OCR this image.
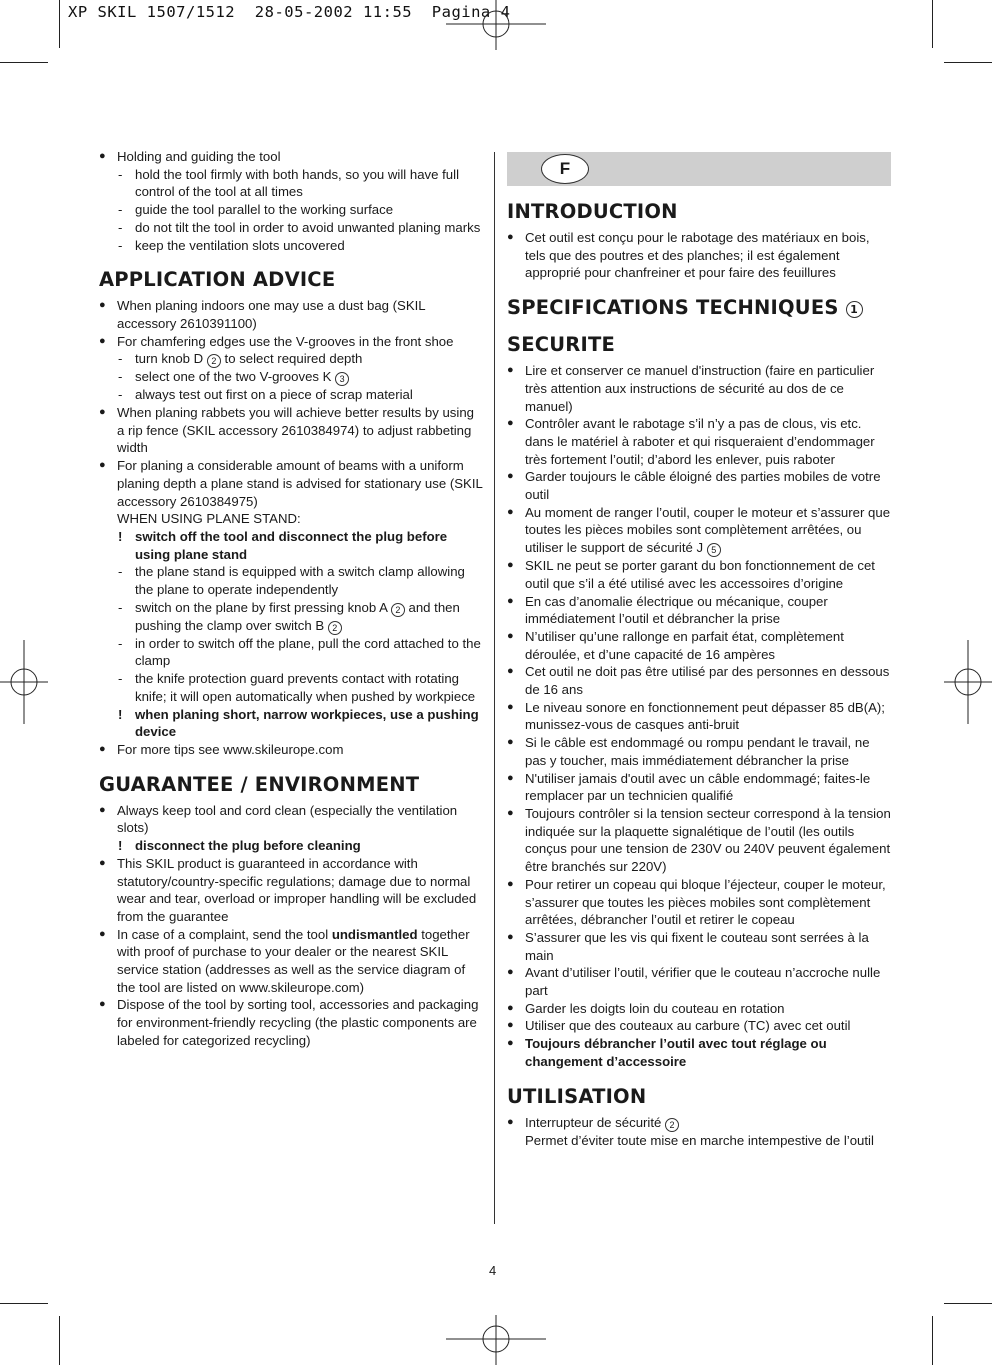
XP SKIL 1507/1512  28-05-2002 11:55  Pagina 4
● Holding and guiding the tool
- hold the tool firmly with both hands, so you will have full control of the tool at all times
- guide the tool parallel to the working surface
- do not tilt the tool in order to avoid unwanted planing marks
- keep the ventilation slots uncovered
APPLICATION ADVICE
● When planing indoors one may use a dust bag (SKIL accessory 2610391100)
● For chamfering edges use the V-grooves in the front shoe
- turn knob D 2 to select required depth
- select one of the two V-grooves K 3
- always test out first on a piece of scrap material
● When planing rabbets you will achieve better results by using a rip fence (SKIL accessory 2610384974) to adjust rabbeting width
● For planing a considerable amount of beams with a uniform planing depth a plane stand is advised for stationary use (SKIL accessory 2610384975)
WHEN USING PLANE STAND:
! switch off the tool and disconnect the plug before using plane stand
- the plane stand is equipped with a switch clamp allowing the plane to operate independently
- switch on the plane by first pressing knob A 2 and then pushing the clamp over switch B 2
- in order to switch off the plane, pull the cord attached to the clamp
- the knife protection guard prevents contact with rotating knife; it will open automatically when pushed by workpiece
! when planing short, narrow workpieces, use a pushing device
● For more tips see www.skileurope.com
GUARANTEE / ENVIRONMENT
● Always keep tool and cord clean (especially the ventilation slots)
! disconnect the plug before cleaning
● This SKIL product is guaranteed in accordance with statutory/country-specific regulations; damage due to normal wear and tear, overload or improper handling will be excluded from the guarantee
● In case of a complaint, send the tool undismantled together with proof of purchase to your dealer or the nearest SKIL service station (addresses as well as the service diagram of the tool are listed on www.skileurope.com)
● Dispose of the tool by sorting tool, accessories and packaging for environment-friendly recycling (the plastic components are labeled for categorized recycling)
F
INTRODUCTION
● Cet outil est conçu pour le rabotage des matériaux en bois, tels que des poutres et des planches; il est également approprié pour chanfreiner et pour faire des feuillures
SPECIFICATIONS TECHNIQUES 1
SECURITE
● Lire et conserver ce manuel d'instruction (faire en particulier très attention aux instructions de sécurité au dos de ce manuel)
● Contrôler avant le rabotage s’il n’y a pas de clous, vis etc. dans le matériel à raboter et qui risqueraient d’endommager très fortement l’outil; d’abord les enlever, puis raboter
● Garder toujours le câble éloigné des parties mobiles de votre outil
● Au moment de ranger l’outil, couper le moteur et s’assurer que toutes les pièces mobiles sont complètement arrêtées, ou utiliser le support de sécurité J 5
● SKIL ne peut se porter garant du bon fonctionnement de cet outil que s’il a été utilisé avec les accessoires d’origine
● En cas d’anomalie électrique ou mécanique, couper immédiatement l’outil et débrancher la prise
● N’utiliser qu’une rallonge en parfait état, complètement déroulée, et d’une capacité de 16 ampères
● Cet outil ne doit pas être utilisé par des personnes en dessous de 16 ans
● Le niveau sonore en fonctionnement peut dépasser 85 dB(A); munissez-vous de casques anti-bruit
● Si le câble est endommagé ou rompu pendant le travail, ne pas y toucher, mais immédiatement débrancher la prise
● N'utiliser jamais d'outil avec un câble endommagé; faites-le remplacer par un technicien qualifié
● Toujours contrôler si la tension secteur correspond à la tension indiquée sur la plaquette signalétique de l’outil (les outils conçus pour une tension de 230V ou 240V peuvent également être branchés sur 220V)
● Pour retirer un copeau qui bloque l’éjecteur, couper le moteur, s’assurer que toutes les pièces mobiles sont complètement arrêtées, débrancher l’outil et retirer le copeau
● S’assurer que les vis qui fixent le couteau sont serrées à la main
● Avant d’utiliser l’outil, vérifier que le couteau n’accroche nulle part
● Garder les doigts loin du couteau en rotation
● Utiliser que des couteaux au carbure (TC) avec cet outil
● Toujours débrancher l’outil avec tout réglage ou changement d’accessoire
UTILISATION
● Interrupteur de sécurité 2
Permet d’éviter toute mise en marche intempestive de l’outil
4
